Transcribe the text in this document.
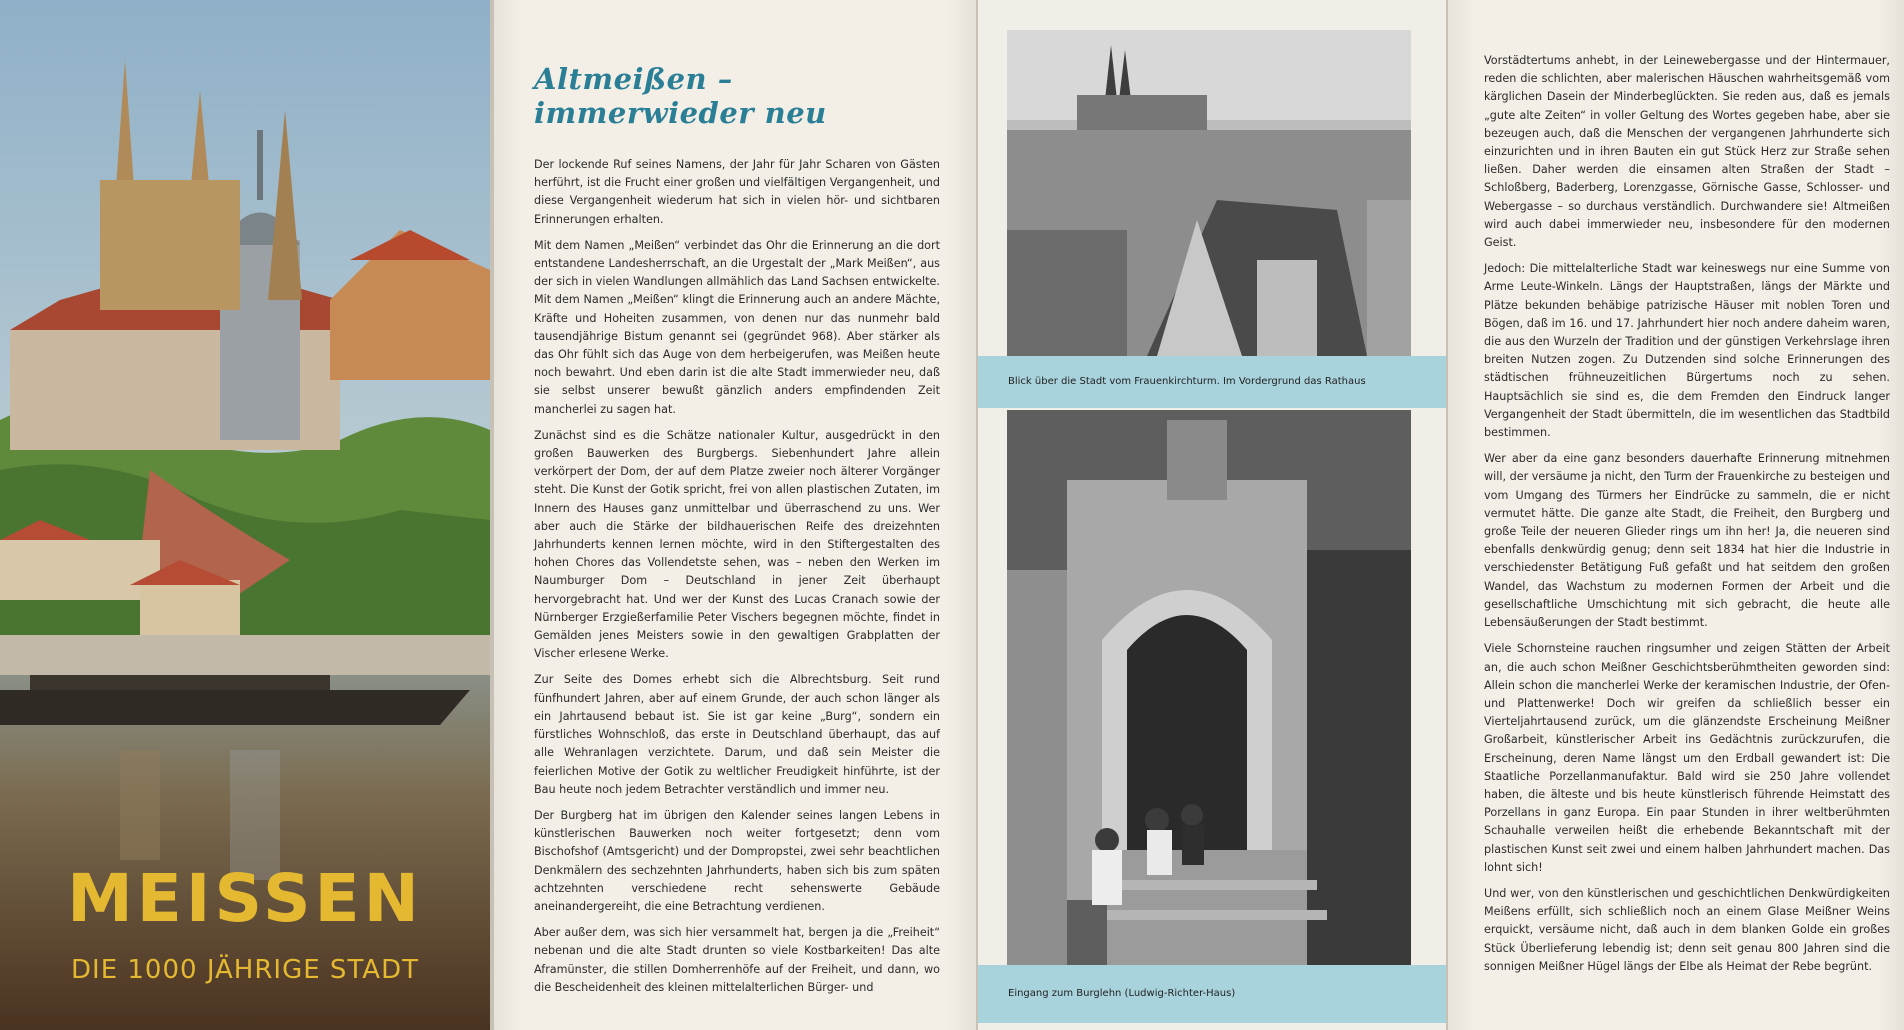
MEISSEN
DIE 1000 JÄHRIGE STADT
Altmeißen – immerwieder neu

Der lockende Ruf seines Namens, der Jahr für Jahr Scharen von Gästen herführt, ist die Frucht einer großen und vielfältigen Vergangenheit, und diese Vergangenheit wiederum hat sich in vielen hör- und sichtbaren Erinnerungen erhalten.

Mit dem Namen „Meißen“ verbindet das Ohr die Erinnerung an die dort entstandene Landesherrschaft, an die Urgestalt der „Mark Meißen“, aus der sich in vielen Wandlungen allmählich das Land Sachsen entwickelte. Mit dem Namen „Meißen“ klingt die Erinnerung auch an andere Mächte, Kräfte und Hoheiten zusammen, von denen nur das nunmehr bald tausendjährige Bistum genannt sei (gegründet 968). Aber stärker als das Ohr fühlt sich das Auge von dem herbeigerufen, was Meißen heute noch bewahrt. Und eben darin ist die alte Stadt immerwieder neu, daß sie selbst unserer bewußt gänzlich anders empfindenden Zeit mancherlei zu sagen hat.

Zunächst sind es die Schätze nationaler Kultur, ausgedrückt in den großen Bauwerken des Burgbergs. Siebenhundert Jahre allein verkörpert der Dom, der auf dem Platze zweier noch älterer Vorgänger steht. Die Kunst der Gotik spricht, frei von allen plastischen Zutaten, im Innern des Hauses ganz unmittelbar und überraschend zu uns. Wer aber auch die Stärke der bildhauerischen Reife des dreizehnten Jahrhunderts kennen lernen möchte, wird in den Stiftergestalten des hohen Chores das Vollendetste sehen, was – neben den Werken im Naumburger Dom – Deutschland in jener Zeit überhaupt hervorgebracht hat. Und wer der Kunst des Lucas Cranach sowie der Nürnberger Erzgießerfamilie Peter Vischers begegnen möchte, findet in Gemälden jenes Meisters sowie in den gewaltigen Grabplatten der Vischer erlesene Werke.

Zur Seite des Domes erhebt sich die Albrechtsburg. Seit rund fünfhundert Jahren, aber auf einem Grunde, der auch schon länger als ein Jahrtausend bebaut ist. Sie ist gar keine „Burg“, sondern ein fürstliches Wohnschloß, das erste in Deutschland überhaupt, das auf alle Wehranlagen verzichtete. Darum, und daß sein Meister die feierlichen Motive der Gotik zu weltlicher Freudigkeit hinführte, ist der Bau heute noch jedem Betrachter verständlich und immer neu.

Der Burgberg hat im übrigen den Kalender seines langen Lebens in künstlerischen Bauwerken noch weiter fortgesetzt; denn vom Bischofshof (Amtsgericht) und der Dompropstei, zwei sehr beachtlichen Denkmälern des sechzehnten Jahrhunderts, haben sich bis zum späten achtzehnten verschiedene recht sehenswerte Gebäude aneinandergereiht, die eine Betrachtung verdienen.

Aber außer dem, was sich hier versammelt hat, bergen ja die „Freiheit“ nebenan und die alte Stadt drunten so viele Kostbarkeiten! Das alte Aframünster, die stillen Domherrenhöfe auf der Freiheit, und dann, wo die Bescheidenheit des kleinen mittelalterlichen Bürger- und

Blick über die Stadt vom Frauenkirchturm. Im Vordergrund das Rathaus
Eingang zum Burglehn (Ludwig-Richter-Haus)

Vorstädtertums anhebt, in der Leinewebergasse und der Hintermauer, reden die schlichten, aber malerischen Häuschen wahrheitsgemäß vom kärglichen Dasein der Minderbeglückten. Sie reden aus, daß es jemals „gute alte Zeiten“ in voller Geltung des Wortes gegeben habe, aber sie bezeugen auch, daß die Menschen der vergangenen Jahrhunderte sich einzurichten und in ihren Bauten ein gut Stück Herz zur Straße sehen ließen. Daher werden die einsamen alten Straßen der Stadt – Schloßberg, Baderberg, Lorenzgasse, Görnische Gasse, Schlosser- und Webergasse – so durchaus verständlich. Durchwandere sie! Altmeißen wird auch dabei immerwieder neu, insbesondere für den modernen Geist.

Jedoch: Die mittelalterliche Stadt war keineswegs nur eine Summe von Arme Leute-Winkeln. Längs der Hauptstraßen, längs der Märkte und Plätze bekunden behäbige patrizische Häuser mit noblen Toren und Bögen, daß im 16. und 17. Jahrhundert hier noch andere daheim waren, die aus den Wurzeln der Tradition und der günstigen Verkehrslage ihren breiten Nutzen zogen. Zu Dutzenden sind solche Erinnerungen des städtischen frühneuzeitlichen Bürgertums noch zu sehen. Hauptsächlich sie sind es, die dem Fremden den Eindruck langer Vergangenheit der Stadt übermitteln, die im wesentlichen das Stadtbild bestimmen.

Wer aber da eine ganz besonders dauerhafte Erinnerung mitnehmen will, der versäume ja nicht, den Turm der Frauenkirche zu besteigen und vom Umgang des Türmers her Eindrücke zu sammeln, die er nicht vermutet hätte. Die ganze alte Stadt, die Freiheit, den Burgberg und große Teile der neueren Glieder rings um ihn her! Ja, die neueren sind ebenfalls denkwürdig genug; denn seit 1834 hat hier die Industrie in verschiedenster Betätigung Fuß gefaßt und hat seitdem den großen Wandel, das Wachstum zu modernen Formen der Arbeit und die gesellschaftliche Umschichtung mit sich gebracht, die heute alle Lebensäußerungen der Stadt bestimmt.

Viele Schornsteine rauchen ringsumher und zeigen Stätten der Arbeit an, die auch schon Meißner Geschichtsberühmtheiten geworden sind: Allein schon die mancherlei Werke der keramischen Industrie, der Ofen- und Plattenwerke! Doch wir greifen da schließlich besser ein Vierteljahrtausend zurück, um die glänzendste Erscheinung Meißner Großarbeit, künstlerischer Arbeit ins Gedächtnis zurückzurufen, die Erscheinung, deren Name längst um den Erdball gewandert ist: Die Staatliche Porzellanmanufaktur. Bald wird sie 250 Jahre vollendet haben, die älteste und bis heute künstlerisch führende Heimstatt des Porzellans in ganz Europa. Ein paar Stunden in ihrer weltberühmten Schauhalle verweilen heißt die erhebende Bekanntschaft mit der plastischen Kunst seit zwei und einem halben Jahrhundert machen. Das lohnt sich!

Und wer, von den künstlerischen und geschichtlichen Denkwürdigkeiten Meißens erfüllt, sich schließlich noch an einem Glase Meißner Weins erquickt, versäume nicht, daß auch in dem blanken Golde ein großes Stück Überlieferung lebendig ist; denn seit genau 800 Jahren sind die sonnigen Meißner Hügel längs der Elbe als Heimat der Rebe begrünt.
